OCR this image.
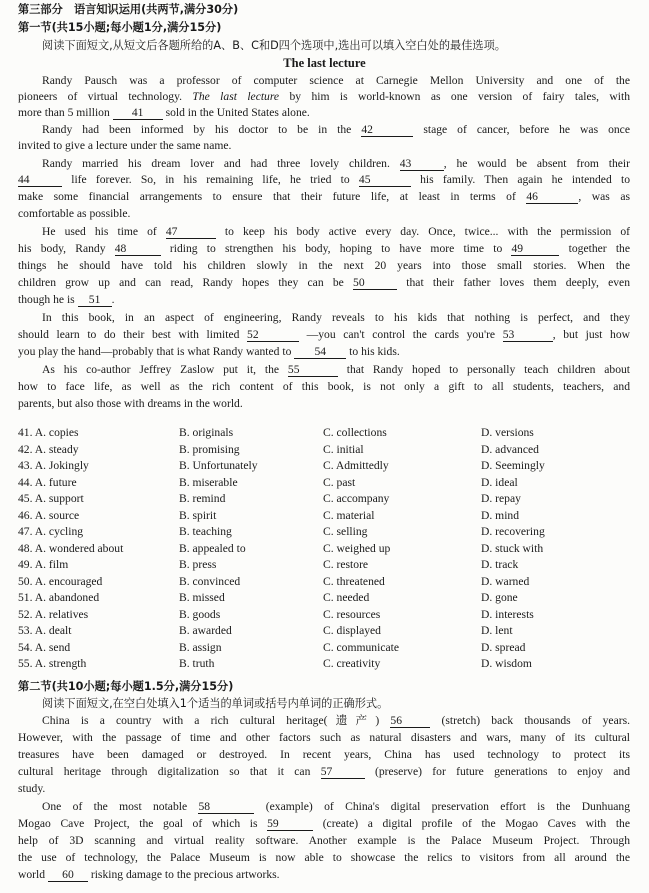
第三部分　语言知识运用(共两节,满分30分)
第一节(共15小题;每小题1分,满分15分)
阅读下面短文,从短文后各题所给的A、B、C和D四个选项中,选出可以填入空白处的最佳选项。
The last lecture
Randy Pausch was a professor of computer science at Carnegie Mellon University and one of the
pioneers of virtual technology. The last lecture by him is world-known as one version of fairy tales, with
more than 5 million 41 sold in the United States alone.
Randy had been informed by his doctor to be in the 42	stage of cancer, before he was once
invited to give a lecture under the same name.
Randy married his dream lover and had three lovely children. 43	, he would be absent from their
44	life forever. So, in his remaining life, he tried to 45	his family. Then again he intended to
make some financial arrangements to ensure that their future life, at least in terms of 46	, was as
comfortable as possible.
He used his time of 47	to keep his body active every day. Once, twice... with the permission of
his body, Randy 48	riding to strengthen his body, hoping to have more time to 49	together the
things he should have told his children slowly in the next 20 years into those small stories. When the
children grow up and can read, Randy hopes they can be 50	that their father loves them deeply, even
though he is 51 .
In this book, in an aspect of engineering, Randy reveals to his kids that nothing is perfect, and they
should learn to do their best with limited 52	—you can't control the cards you're 53	, but just how
you play the hand—probably that is what Randy wanted to 54 to his kids.
As his co-author Jeffrey Zaslow put it, the 55	that Randy hoped to personally teach children about
how to face life, as well as the rich content of this book, is not only a gift to all students, teachers, and
parents, but also those with dreams in the world.
41. A. copies	B. originals	C. collections	D. versions
42. A. steady	B. promising	C. initial	D. advanced
43. A. Jokingly	B. Unfortunately	C. Admittedly	D. Seemingly
44. A. future	B. miserable	C. past	D. ideal
45. A. support	B. remind	C. accompany	D. repay
46. A. source	B. spirit	C. material	D. mind
47. A. cycling	B. teaching	C. selling	D. recovering
48. A. wondered about	B. appealed to	C. weighed up	D. stuck with
49. A. film	B. press	C. restore	D. track
50. A. encouraged	B. convinced	C. threatened	D. warned
51. A. abandoned	B. missed	C. needed	D. gone
52. A. relatives	B. goods	C. resources	D. interests
53. A. dealt	B. awarded	C. displayed	D. lent
54. A. send	B. assign	C. communicate	D. spread
55. A. strength	B. truth	C. creativity	D. wisdom
第二节(共10小题;每小题1.5分,满分15分)
阅读下面短文,在空白处填入1个适当的单词或括号内单词的正确形式。
China is a country with a rich cultural heritage(遗产) 56 (stretch) back thousands of years.
However, with the passage of time and other factors such as natural disasters and wars, many of its cultural
treasures have been damaged or destroyed. In recent years, China has used technology to protect its
cultural heritage through digitalization so that it can 57	(preserve) for future generations to enjoy and
study.
One of the most notable 58	(example) of China's digital preservation effort is the Dunhuang
Mogao Cave Project, the goal of which is 59	(create) a digital profile of the Mogao Caves with the
help of 3D scanning and virtual reality software. Another example is the Palace Museum Project. Through
the use of technology, the Palace Museum is now able to showcase the relics to visitors from all around the
world 60 risking damage to the precious artworks.
